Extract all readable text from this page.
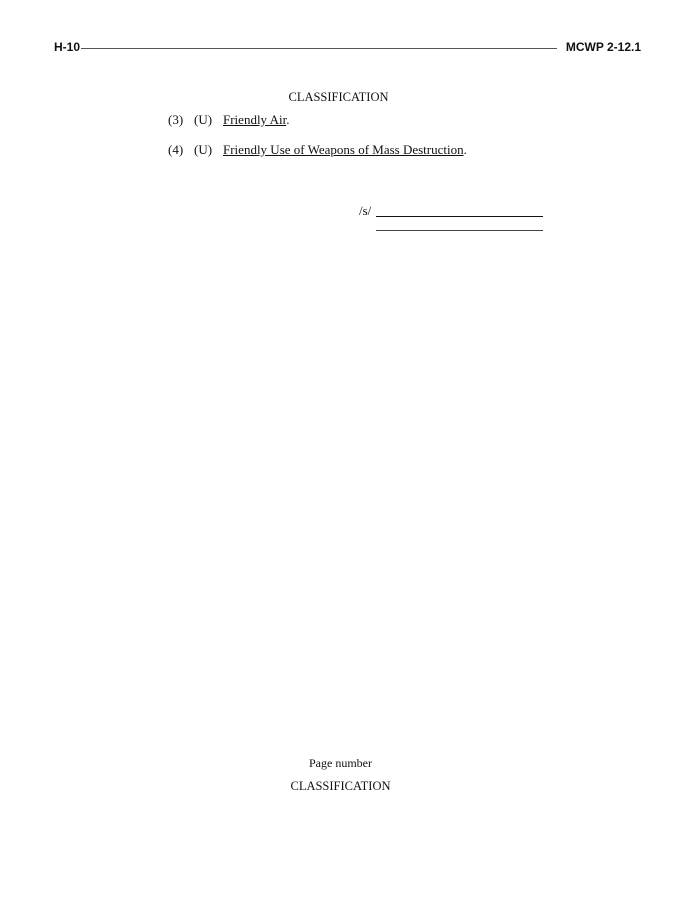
H-10	MCWP 2-12.1
CLASSIFICATION
(3) (U) Friendly Air.
(4) (U) Friendly Use of Weapons of Mass Destruction.
/s/
Page number
CLASSIFICATION
